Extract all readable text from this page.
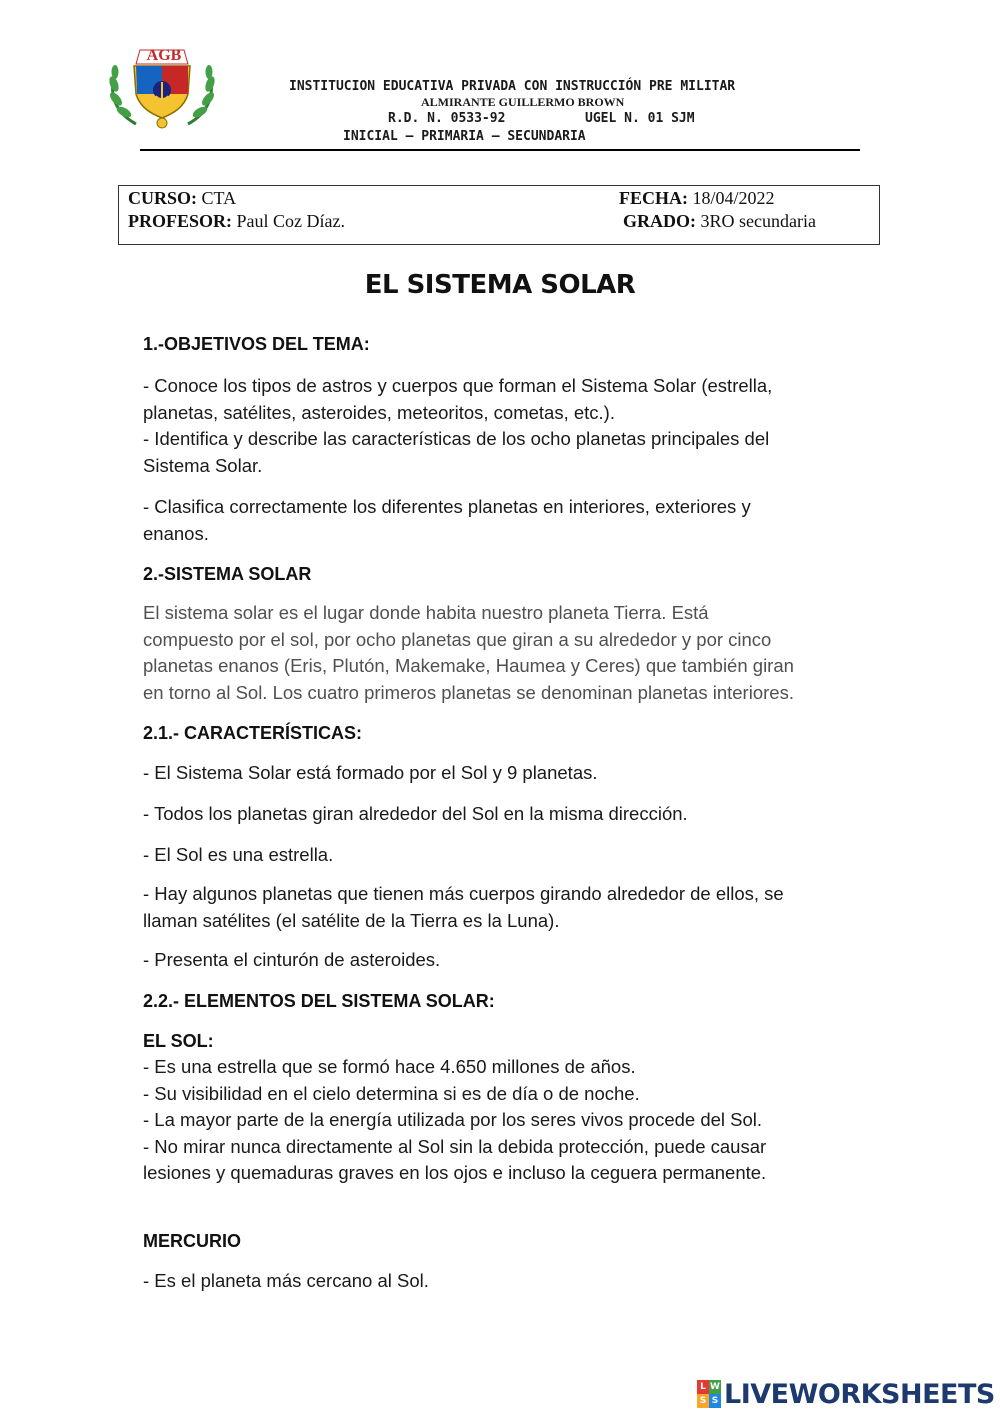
AGB
INSTITUCION EDUCATIVA PRIVADA CON INSTRUCCIÓN PRE MILITAR
ALMIRANTE GUILLERMO BROWN
R.D. N. 0533-92	UGEL N. 01 SJM
INICIAL – PRIMARIA – SECUNDARIA
CURSO: CTA	FECHA: 18/04/2022
PROFESOR: Paul Coz Díaz.	GRADO: 3RO secundaria
EL SISTEMA SOLAR
1.-OBJETIVOS DEL TEMA:
- Conoce los tipos de astros y cuerpos que forman el Sistema Solar (estrella,
planetas, satélites, asteroides, meteoritos, cometas, etc.).
- Identifica y describe las características de los ocho planetas principales del
Sistema Solar.
- Clasifica correctamente los diferentes planetas en interiores, exteriores y
enanos.
2.-SISTEMA SOLAR
El sistema solar es el lugar donde habita nuestro planeta Tierra. Está
compuesto por el sol, por ocho planetas que giran a su alrededor y por cinco
planetas enanos (Eris, Plutón, Makemake, Haumea y Ceres) que también giran
en torno al Sol. Los cuatro primeros planetas se denominan planetas interiores.
2.1.- CARACTERÍSTICAS:
- El Sistema Solar está formado por el Sol y 9 planetas.
- Todos los planetas giran alrededor del Sol en la misma dirección.
- El Sol es una estrella.
- Hay algunos planetas que tienen más cuerpos girando alrededor de ellos, se
llaman satélites (el satélite de la Tierra es la Luna).
- Presenta el cinturón de asteroides.
2.2.- ELEMENTOS DEL SISTEMA SOLAR:
EL SOL:
- Es una estrella que se formó hace 4.650 millones de años.
- Su visibilidad en el cielo determina si es de día o de noche.
- La mayor parte de la energía utilizada por los seres vivos procede del Sol.
- No mirar nunca directamente al Sol sin la debida protección, puede causar
lesiones y quemaduras graves en los ojos e incluso la ceguera permanente.
MERCURIO
- Es el planeta más cercano al Sol.
L W
S S LIVEWORKSHEETS
